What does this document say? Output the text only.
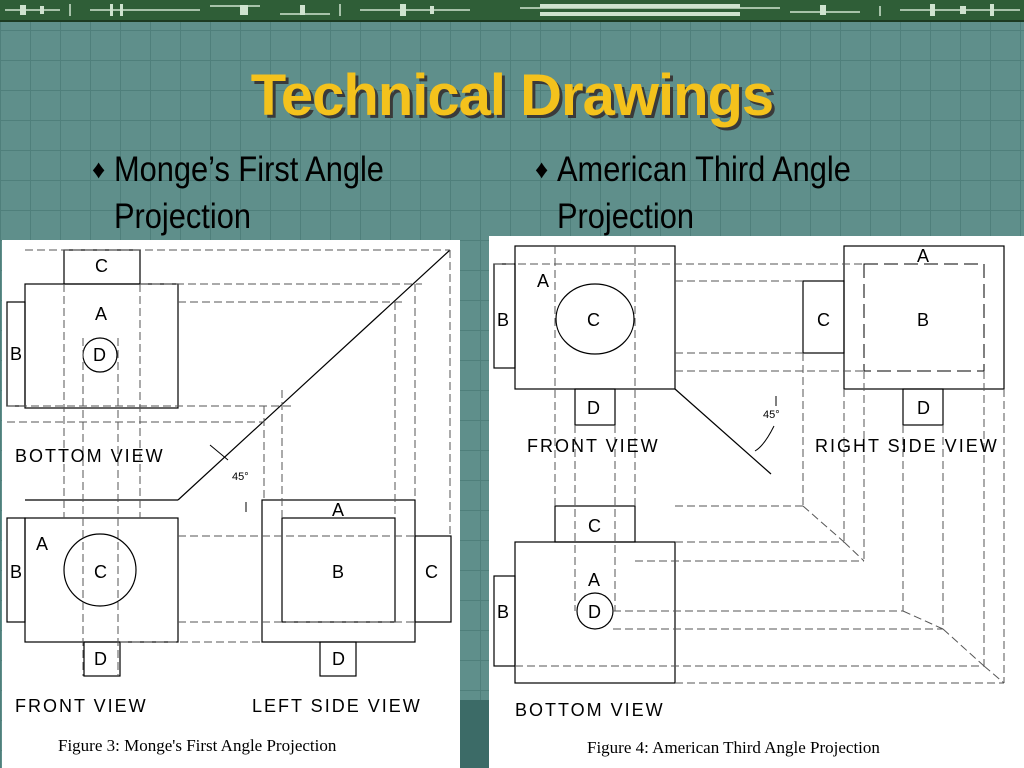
Technical Drawings
♦ Monge’s First Angle
Projection
♦ American Third Angle
Projection
C
A
B	D
BOTTOM VIEW
45°
A
B	C
D
A
B	C
D
FRONT VIEW	LEFT SIDE VIEW
Figure 3: Monge's First Angle Projection
A
B	C
D
FRONT VIEW
45°
A
B
C
D
RIGHT SIDE VIEW
C
A
B	D
BOTTOM VIEW
Figure 4: American Third Angle Projection
